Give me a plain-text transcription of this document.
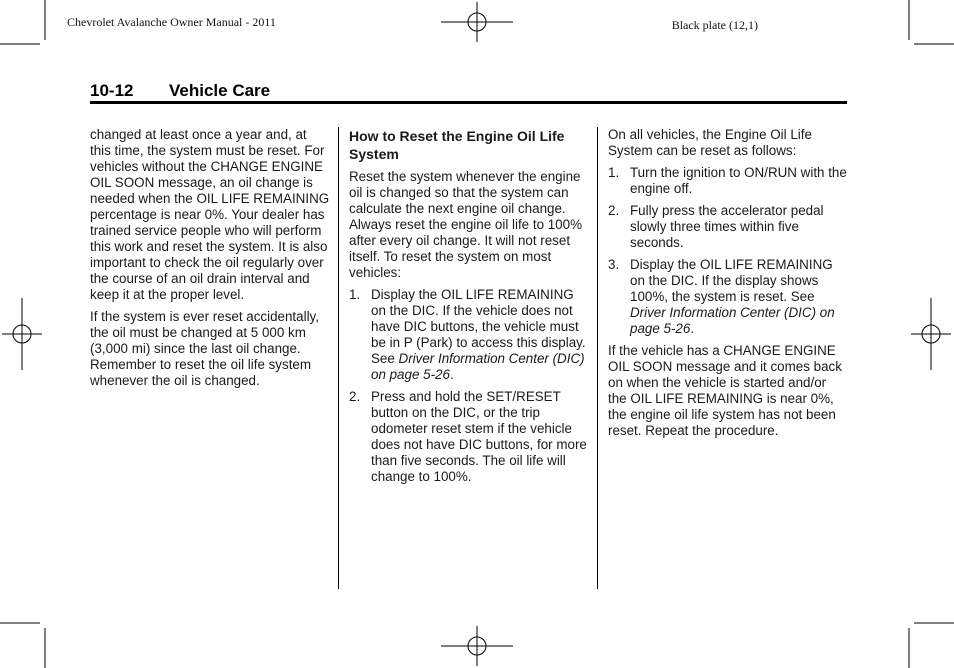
Chevrolet Avalanche Owner Manual - 2011	Black plate (12,1)
10-12 Vehicle Care

changed at least once a year and, at this time, the system must be reset. For vehicles without the CHANGE ENGINE OIL SOON message, an oil change is needed when the OIL LIFE REMAINING percentage is near 0%. Your dealer has trained service people who will perform this work and reset the system. It is also important to check the oil regularly over the course of an oil drain interval and keep it at the proper level.

If the system is ever reset accidentally, the oil must be changed at 5 000 km (3,000 mi) since the last oil change. Remember to reset the oil life system whenever the oil is changed.

How to Reset the Engine Oil Life System

Reset the system whenever the engine oil is changed so that the system can calculate the next engine oil change. Always reset the engine oil life to 100% after every oil change. It will not reset itself. To reset the system on most vehicles:

1. Display the OIL LIFE REMAINING on the DIC. If the vehicle does not have DIC buttons, the vehicle must be in P (Park) to access this display. See Driver Information Center (DIC) on page 5-26.
2. Press and hold the SET/RESET button on the DIC, or the trip odometer reset stem if the vehicle does not have DIC buttons, for more than five seconds. The oil life will change to 100%.

On all vehicles, the Engine Oil Life System can be reset as follows:

1. Turn the ignition to ON/RUN with the engine off.
2. Fully press the accelerator pedal slowly three times within five seconds.
3. Display the OIL LIFE REMAINING on the DIC. If the display shows 100%, the system is reset. See Driver Information Center (DIC) on page 5-26.

If the vehicle has a CHANGE ENGINE OIL SOON message and it comes back on when the vehicle is started and/or the OIL LIFE REMAINING is near 0%, the engine oil life system has not been reset. Repeat the procedure.
